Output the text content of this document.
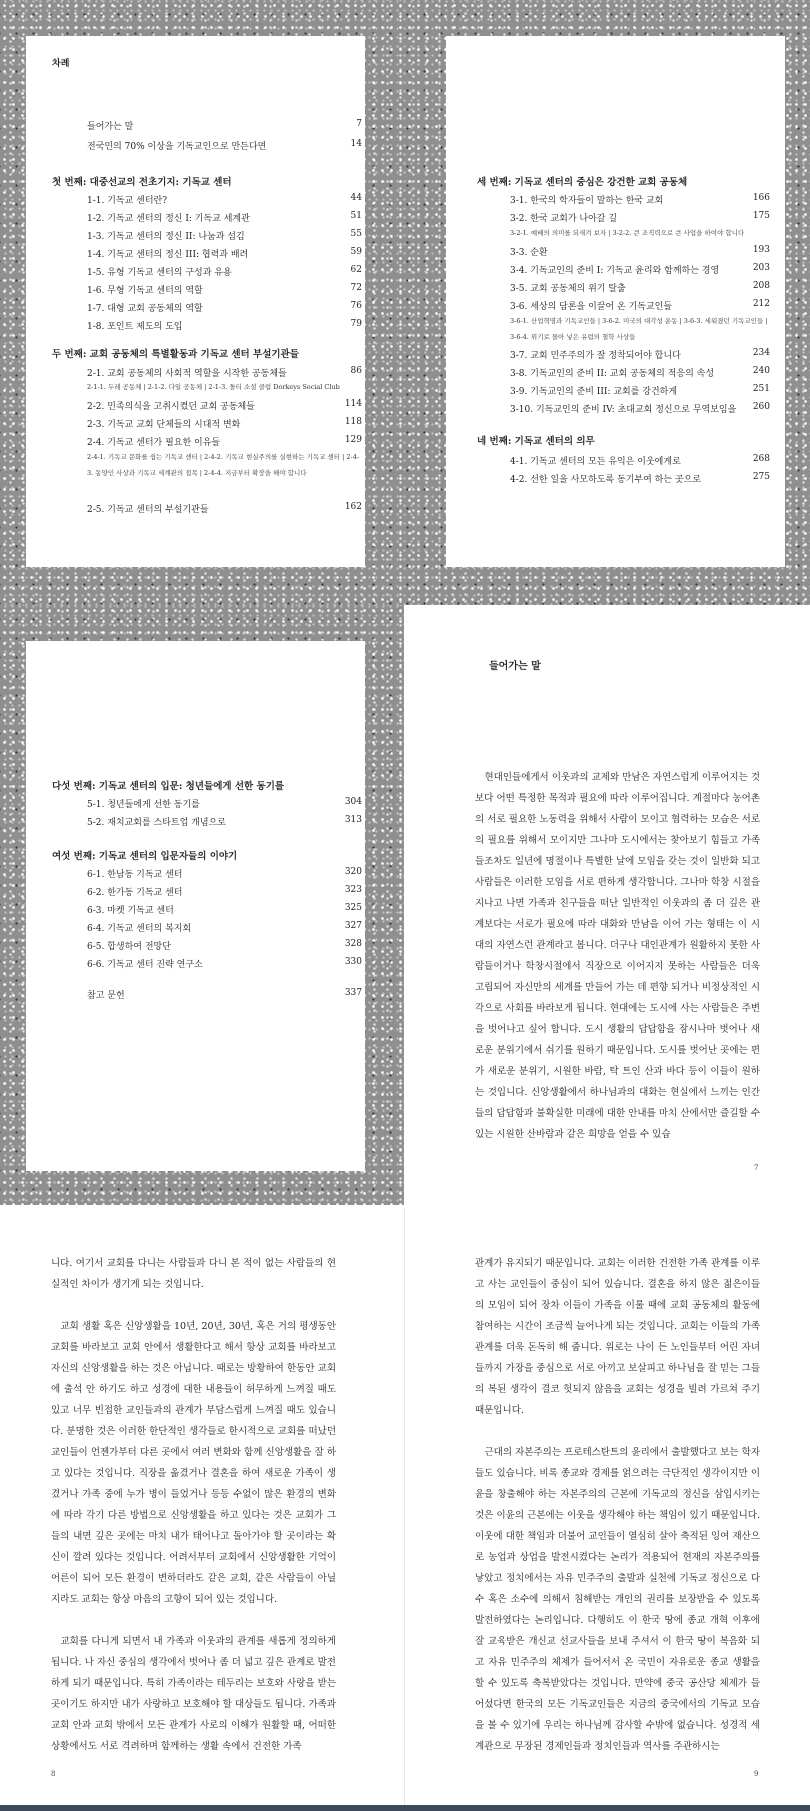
차례
들어가는 말	7
전국민의 70% 이상을 기독교인으로 만든다면	14
첫 번째: 대중선교의 전초기지: 기독교 센터
1-1. 기독교 센터란?	44
1-2. 기독교 센터의 정신 I: 기독교 세계관	51
1-3. 기독교 센터의 정신 II: 나눔과 섬김	55
1-4. 기독교 센터의 정신 III: 협력과 배려	59
1-5. 유형 기독교 센터의 구성과 유용	62
1-6. 무형 기독교 센터의 역할	72
1-7. 대형 교회 공동체의 역할	76
1-8. 포인트 제도의 도입	79
두 번째: 교회 공동체의 특별활동과 기독교 센터 부설기관들
2-1. 교회 공동체의 사회적 역할을 시작한 공동체들	86
2-1-1. 두레 공동체 | 2-1-2. 다일 공동체 | 2-1-3. 돌티 소셜 클럽 Dorkeys Social Club
2-2. 민족의식을 고취시켰던 교회 공동체들	114
2-3. 기독교 교회 단체들의 시대적 변화	118
2-4. 기독교 센터가 필요한 이유들	129
2-4-1. 기독교 문화를 쉽는 기독교 센터 | 2-4-2. 기독교 현실주의를 실현하는 기독교 센터 | 2-4-3. 동양인 사상과 기독교 세계관의 접목 | 2-4-4. 지금부터 확장을 해야 합니다
2-5. 기독교 센터의 부설기관들	162
세 번째: 기독교 센터의 중심은 강건한 교회 공동체
3-1. 한국의 학자들이 말하는 한국 교회	166
3-2. 한국 교회가 나아갈 길	175
3-2-1. 예배의 의미를 되새겨 보자 | 3-2-2. 큰 조직력으로 큰 사업을 하여야 합니다
3-3. 순환	193
3-4. 기독교인의 준비 I: 기독교 윤리와 함께하는 경영	203
3-5. 교회 공동체의 위기 탈출	208
3-6. 세상의 담론을 이끌어 온 기독교인들	212
3-6-1. 산업혁명과 기독교인들 | 3-6-2. 미국의 대각성 운동 | 3-6-3. 세워졌던 기독교인들 | 3-6-4. 위기로 몰아 넣은 유럽의 철학 사상들
3-7. 교회 민주주의가 잘 정착되어야 합니다	234
3-8. 기독교인의 준비 II: 교회 공동체의 적응의 속성	240
3-9. 기독교인의 준비 III: 교회를 강건하게	251
3-10. 기독교인의 준비 IV: 초대교회 정신으로 무역보임을 260
네 번째: 기독교 센터의 의무
4-1. 기독교 센터의 모든 유익은 이웃에게로	268
4-2. 선한 일을 사모하도록 동기부여 하는 곳으로	275
다섯 번째: 기독교 센터의 입문: 청년들에게 선한 동기를
5-1. 청년들에게 선한 동기를	304
5-2. 재치교회를 스타트업 개념으로	313
여섯 번째: 기독교 센터의 입문자들의 이야기
6-1. 한남동 기독교 센터	320
6-2. 한가동 기독교 센터	323
6-3. 마켓 기독교 센터	325
6-4. 기독교 센터의 복지회	327
6-5. 합생하여 전망단	328
6-6. 기독교 센터 진략 연구소	330
참고 문헌	337
들어가는 말

현대인들에게서 이웃과의 교제와 만남은 자연스럽게 이루어지는 것보다 어떤 특정한 목적과 필요에 따라 이루어집니다. 계절마다 농어촌의 서로 필요한 노동력을 위해서 사람이 모이고 협력하는 모습은 서로의 필요를 위해서 모이지만 그나마 도시에서는 찾아보기 힘들고 가족들조차도 일년에 명절이나 특별한 날에 모임을 갖는 것이 일반화 되고 사람들은 이러한 모임을 서로 편하게 생각합니다. 그나마 학창 시절을 지나고 나면 가족과 친구들을 떠난 일반적인 이웃과의 좀 더 깊은 관계보다는 서로가 필요에 따라 대화와 만남을 이어 가는 형태는 이 시대의 자연스런 관계라고 봅니다. 더구나 대인관계가 원활하지 못한 사람들이거나 학창시절에서 직장으로 이어지지 못하는 사람들은 더욱 고립되어 자신만의 세계를 만들어 가는 데 편향 되거나 비정상적인 시각으로 사회를 바라보게 됩니다. 현대에는 도시에 사는 사람들은 주변을 벗어나고 싶어 합니다. 도시 생활의 답답함을 잠시나마 벗어나 새로운 분위기에서 쉬기를 원하기 때문입니다. 도시를 벗어난 곳에는 편가 새로운 분위기, 시원한 바람, 탁 트인 산과 바다 등이 이들이 원하는 것입니다. 신앙생활에서 하나님과의 대화는 현실에서 느끼는 인간들의 답답함과 불확실한 미래에 대한 안내를 마치 산에서만 즐길할 수 있는 시원한 산바람과 같은 희망을 얻을 수 있습

7

니다. 여기서 교회를 다니는 사람들과 다니 본 적이 없는 사람들의 현실적인 차이가 생기게 되는 것입니다.

교회 생활 혹은 신앙생활을 10년, 20년, 30년, 혹은 거의 평생동안 교회를 바라보고 교회 안에서 생활한다고 해서 항상 교회를 바라보고 자신의 신앙생활을 하는 것은 아닙니다. 때로는 방황하여 한동안 교회에 출석 안 하기도 하고 성경에 대한 내용들이 허무하게 느껴질 때도 있고 너무 빈접한 교인들과의 관계가 부담스럽게 느껴질 때도 있습니다. 분명한 것은 이러한 한단적인 생각들로 한시적으로 교회를 떠났던 교인들이 언젠가부터 다른 곳에서 여러 변화와 함께 신앙생활을 잘 하고 있다는 것입니다. 직장을 옮겼거나 결혼을 하여 새로운 가족이 생겼거나 가족 중에 누가 병이 들었거나 등등 수없이 많은 환경의 변화에 따라 각기 다른 방법으로 신앙생활을 하고 있다는 것은 교회가 그들의 내면 깊은 곳에는 마치 내가 태어나고 돌아가야 할 곳이라는 확신이 깔려 있다는 것입니다. 어려서부터 교회에서 신앙생활한 기억이 어른이 되어 모든 환경이 변하더라도 같은 교회, 같은 사람들이 아닐지라도 교회는 항상 마음의 고향이 되어 있는 것입니다.

교회를 다니게 되면서 내 가족과 이웃과의 관계를 새롭게 정의하게 됩니다. 나 자신 중심의 생각에서 벗어나 좀 더 넓고 깊은 관계로 발전하게 되기 때문입니다. 특히 가족이라는 테두리는 보호와 사랑을 받는 곳이기도 하지만 내가 사랑하고 보호해야 할 대상들도 됩니다. 가족과 교회 안과 교회 밖에서 모든 관계가 사로의 이해가 원활할 때, 어떠한 상황에서도 서로 격려하며 함께하는 생활 속에서 건전한 가족

8

관계가 유지되기 때문입니다. 교회는 이러한 건전한 가족 관계를 이루고 사는 교인들이 중심이 되어 있습니다. 결혼을 하지 않은 젊은이들의 모임이 되어 장차 이들이 가족을 이룰 때에 교회 공동체의 활동에 참여하는 시간이 조금씩 늘어나게 되는 것입니다. 교회는 이들의 가족관계를 더욱 돈독히 해 줍니다. 위로는 나이 든 노인들부터 어린 자녀들까지 가장을 중심으로 서로 아끼고 보살피고 하나님을 잘 믿는 그들의 복된 생각이 결코 헛되지 않음을 교회는 성경을 빌려 가르쳐 주기 때문입니다.

근대의 자본주의는 프로테스탄트의 윤리에서 출발했다고 보는 학자들도 있습니다. 비록 종교와 경제를 얽으려는 극단적인 생각이지만 이윤을 창출해야 하는 자본주의의 근본에 기독교의 정신을 삼입시키는 것은 이윤의 근본에는 이웃을 생각해야 하는 책임이 있기 때문입니다. 이웃에 대한 책임과 더불어 교인들이 열심히 살아 축적된 잉여 재산으로 농업과 상업을 발전시켰다는 논리가 적용되어 현재의 자본주의를 낳았고 정치에서는 자유 민주주의 출발과 실천에 기독교 정신으로 다수 혹은 소수에 의해서 침해받는 개인의 권리를 보장받을 수 있도록 발전하였다는 논리입니다. 다행히도 이 한국 땅에 종교 개혁 이후에 잘 교육받은 개신교 선교사들을 보내 주셔서 이 한국 땅이 복음화 되고 자유 민주주의 체제가 들어서서 온 국민이 자유로운 종교 생활을 할 수 있도록 축복받았다는 것입니다. 만약에 중국 공산당 체제가 들어섰다면 한국의 모든 기독교인들은 지금의 중국에서의 기독교 모습을 볼 수 있기에 우리는 하나님께 감사할 수밖에 없습니다. 성경적 세계관으로 무장된 경제인들과 정치인들과 역사를 주관하시는

9
